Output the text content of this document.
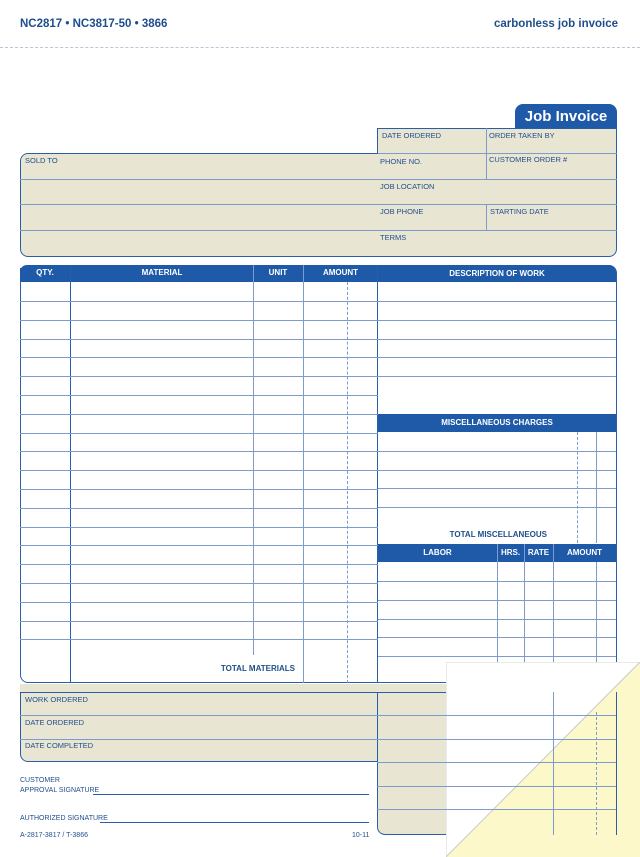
NC2817 • NC3817-50 • 3866	carbonless job invoice
Job Invoice
DATE ORDERED	ORDER TAKEN BY
PHONE NO.	CUSTOMER ORDER #
JOB LOCATION
JOB PHONE	STARTING DATE
TERMS
SOLD TO
QTY.	MATERIAL	UNIT	AMOUNT
TOTAL MATERIALS
DESCRIPTION OF WORK
MISCELLANEOUS CHARGES
TOTAL MISCELLANEOUS
LABOR	HRS. RATE	AMOUNT
WORK ORDERED
DATE ORDERED
DATE COMPLETED
CUSTOMER
APPROVAL SIGNATURE
AUTHORIZED SIGNATURE
A-2817-3817 / T-3866	10-11
